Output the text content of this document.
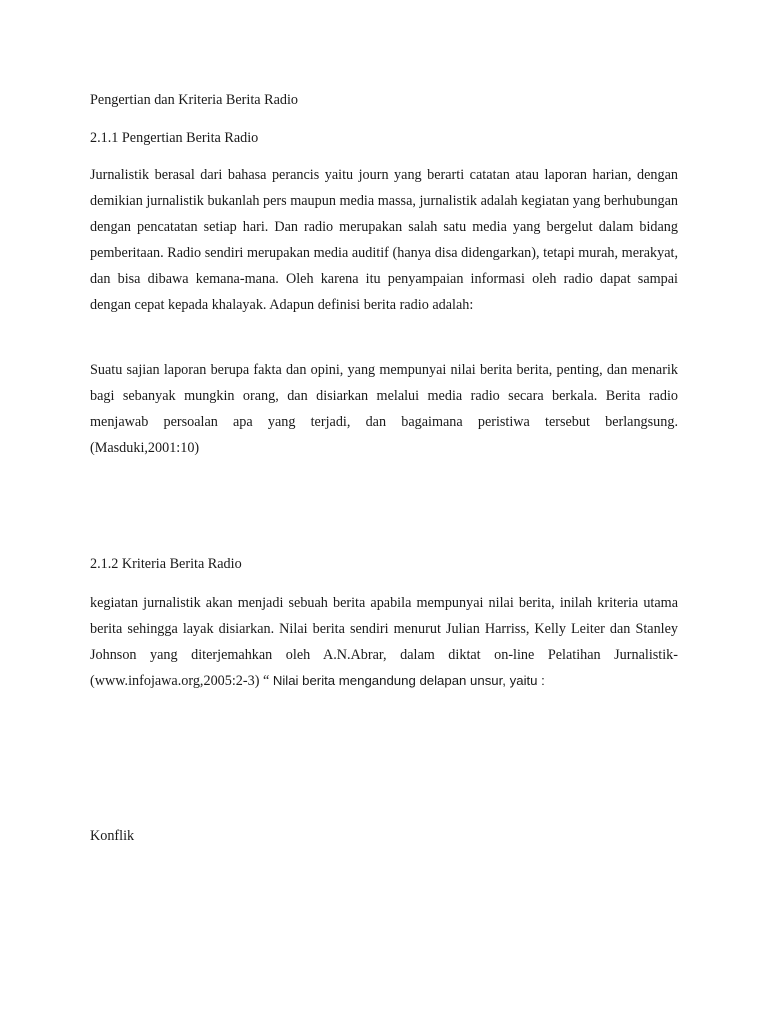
Pengertian dan Kriteria Berita Radio

2.1.1 Pengertian Berita Radio

Jurnalistik berasal dari bahasa perancis yaitu journ yang berarti catatan atau laporan harian, dengan demikian jurnalistik bukanlah pers maupun media massa, jurnalistik adalah kegiatan yang berhubungan dengan pencatatan setiap hari. Dan radio merupakan salah satu media yang bergelut dalam bidang pemberitaan. Radio sendiri merupakan media auditif (hanya disa didengarkan), tetapi murah, merakyat, dan bisa dibawa kemana-mana. Oleh karena itu penyampaian informasi oleh radio dapat sampai dengan cepat kepada khalayak. Adapun definisi berita radio adalah:

Suatu sajian laporan berupa fakta dan opini, yang mempunyai nilai berita berita, penting, dan menarik bagi sebanyak mungkin orang, dan disiarkan melalui media radio secara berkala. Berita radio menjawab persoalan apa yang terjadi, dan bagaimana peristiwa tersebut berlangsung. (Masduki,2001:10)

2.1.2 Kriteria Berita Radio

kegiatan jurnalistik akan menjadi sebuah berita apabila mempunyai nilai berita, inilah kriteria utama berita sehingga layak disiarkan. Nilai berita sendiri menurut Julian Harriss, Kelly Leiter dan Stanley Johnson yang diterjemahkan oleh A.N.Abrar, dalam diktat on-line Pelatihan Jurnalistik-(www.infojawa.org,2005:2-3) “ Nilai berita mengandung delapan unsur, yaitu :

Konflik
